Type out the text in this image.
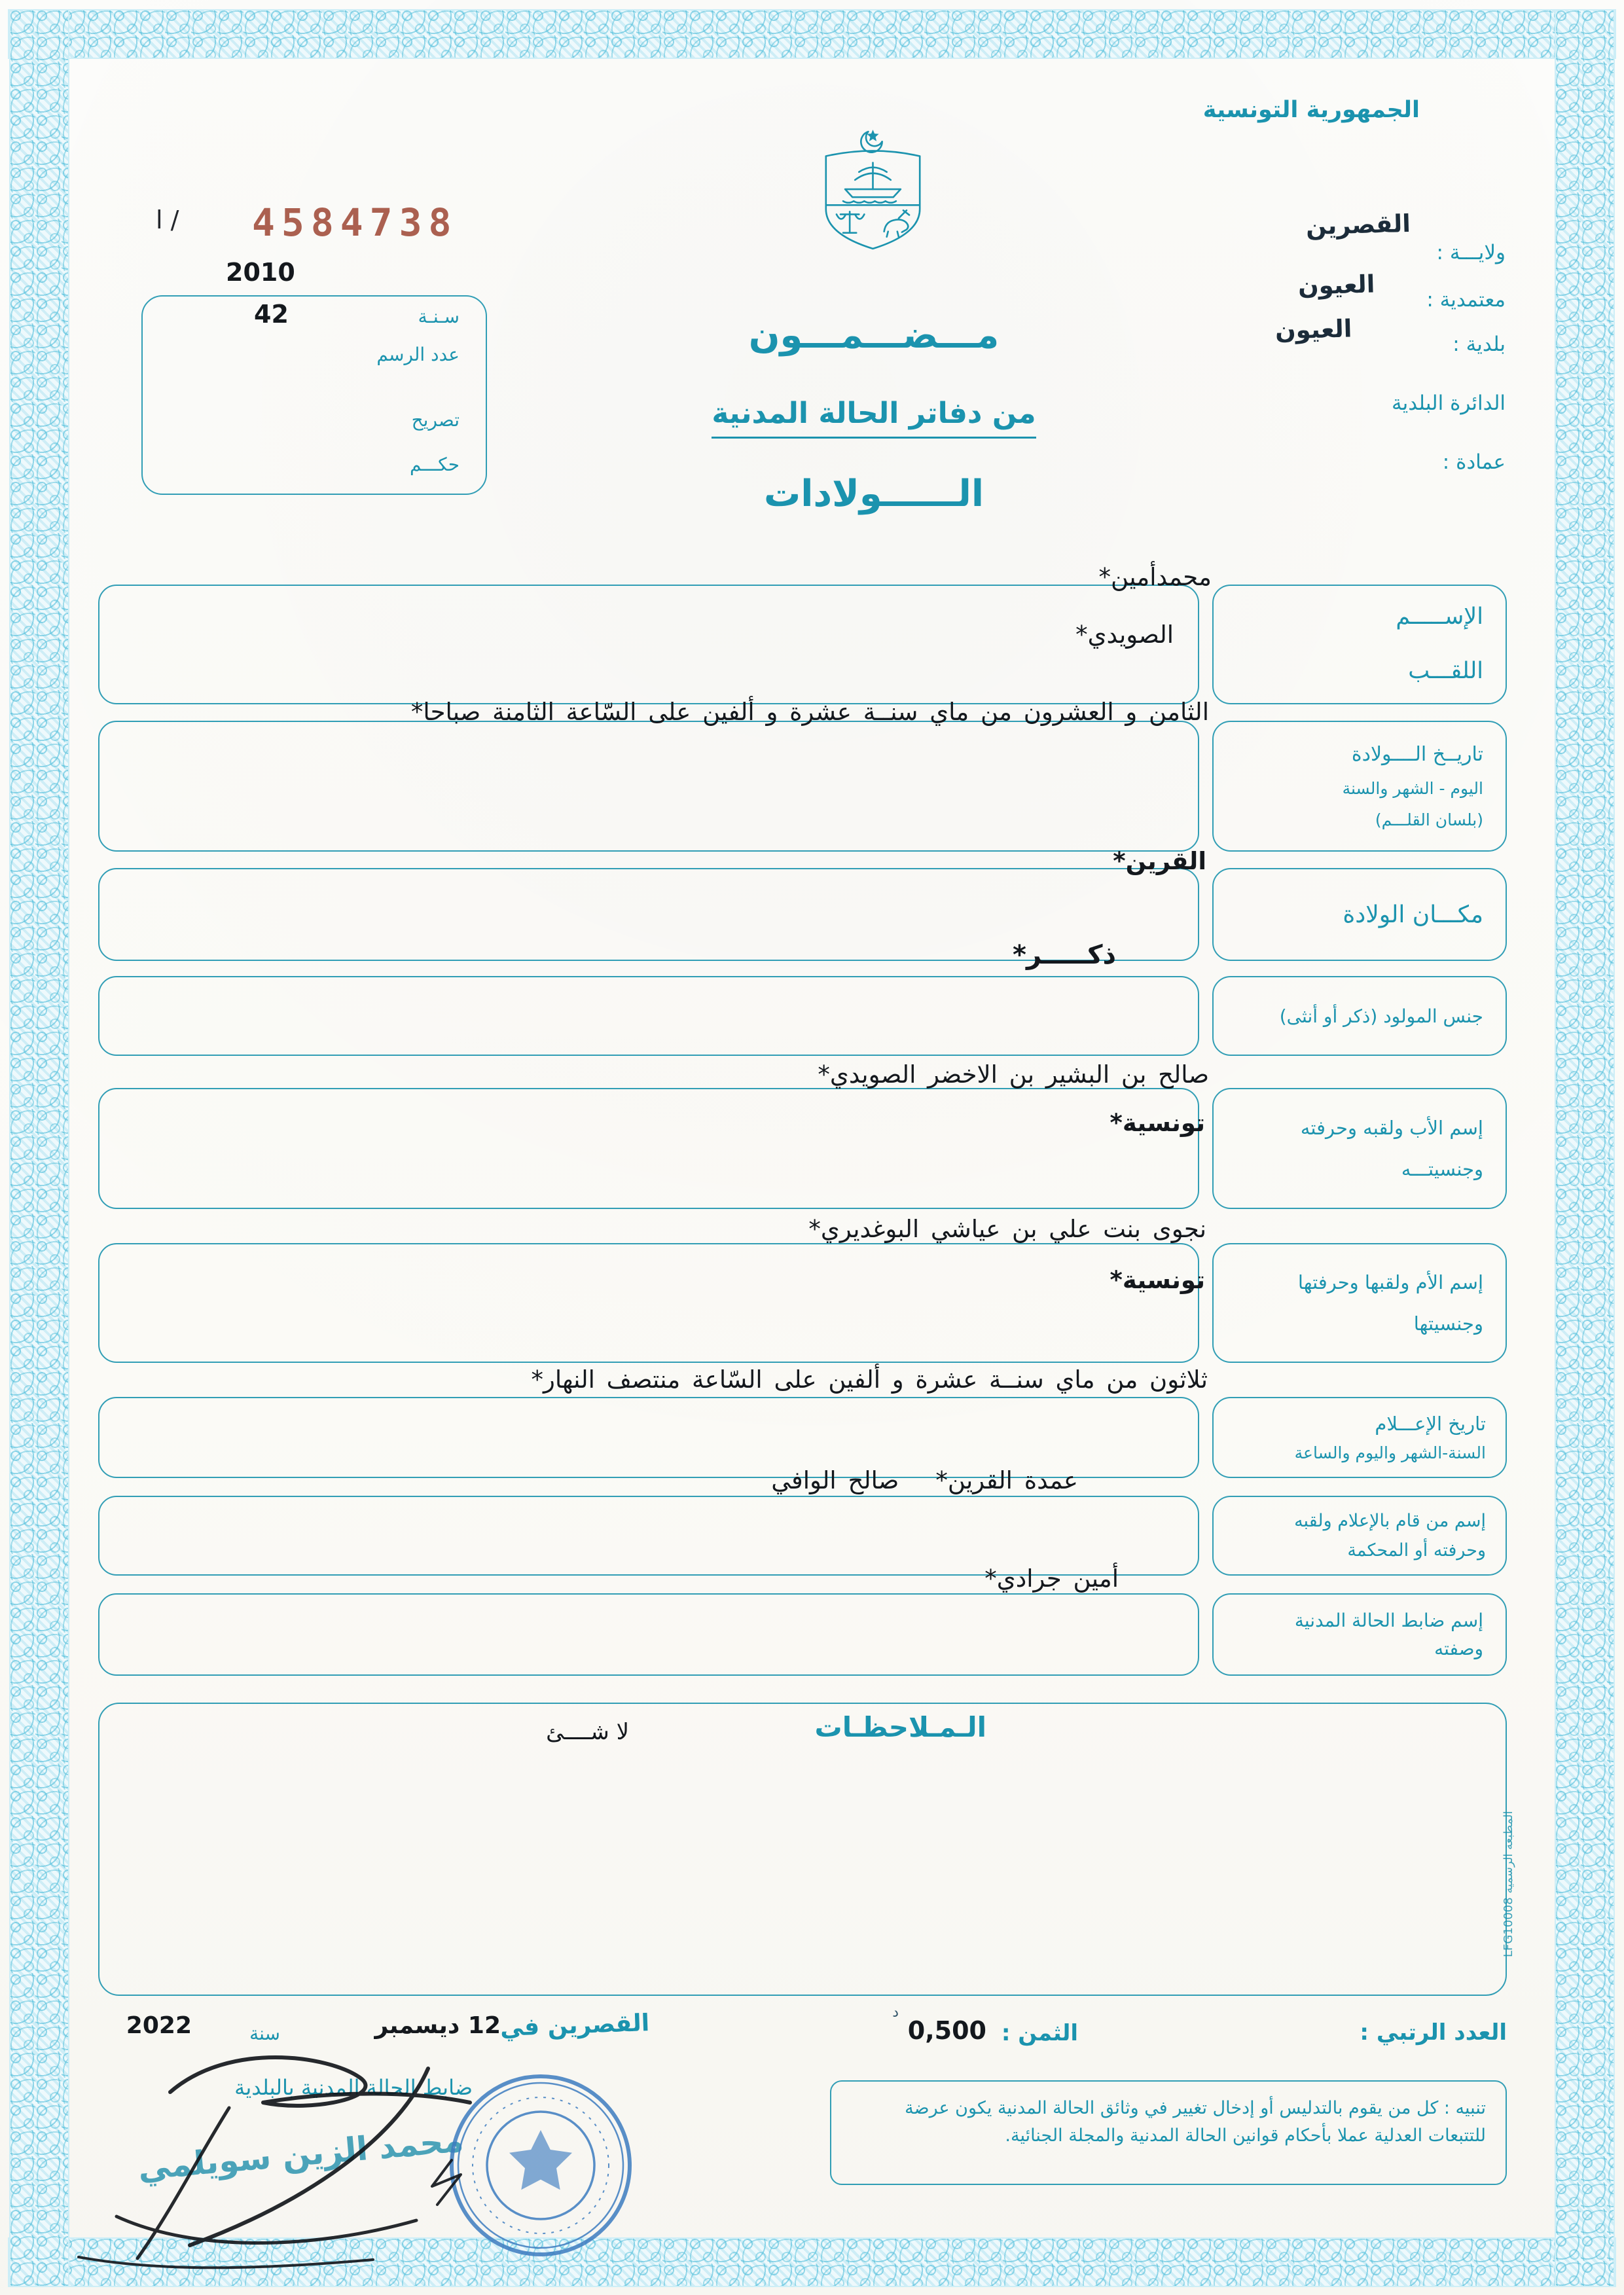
الجمهورية التونسية
ا / 4584738
سـنـة
عدد الرسم
تصريح
حكـــم
2010
42	مـــضـــمـــون

من دفاتر الحالة المدنية

الــــــولادات
ولايـــة :
القصرين
معتمدية :
العيون
بلدية :
العيون
الدائرة البلدية
عمادة :
الإســـــم
اللقـــب
محمدأمين*
الصويدي*
تاريــخ الــــولادة
اليوم - الشهر والسنة
(بلسان القلـــم)
الثامن و العشرون من ماي سنــة عشرة و ألفين على السّاعة الثامنة صباحا*
مكـــان الولادة
القرين*
جنس المولود (ذكر أو أنثى)
ذكـــــر*
إسم الأب ولقبه وحرفته
وجنسيتـــه
صالح بن البشير بن الاخضر الصويدي*
تونسية*
إسم الأم ولقبها وحرفتها
وجنسيتها
نجوى بنت علي بن عياشي البوغديري*
تونسية*
تاريخ الإعـــلام
السنة-الشهر واليوم والساعة
ثلاثون من ماي سنــة عشرة و ألفين على السّاعة منتصف النهار*
إسم من قام بالإعلام ولقبه
وحرفته أو المحكمة
عمدة القرين*صالح الوافي
إسم ضابط الحالة المدنية
وصفته
أمين جرادي*
الـمـلاحظـات
لا شــــئ
المطبعة الرسمية LFG10008
العدد الرتبي :
الثمن :
0,500
د
القصرين في
12 ديسمبر
سنة
2022
ضابط الحالة المدنية بالبلدية
محمد الزين سويلمي
تنبيه : كل من يقوم بالتدليس أو إدخال تغيير في وثائق الحالة المدنية يكون عرضة للتتبعات العدلية عملا بأحكام قوانين الحالة المدنية والمجلة الجنائية.
